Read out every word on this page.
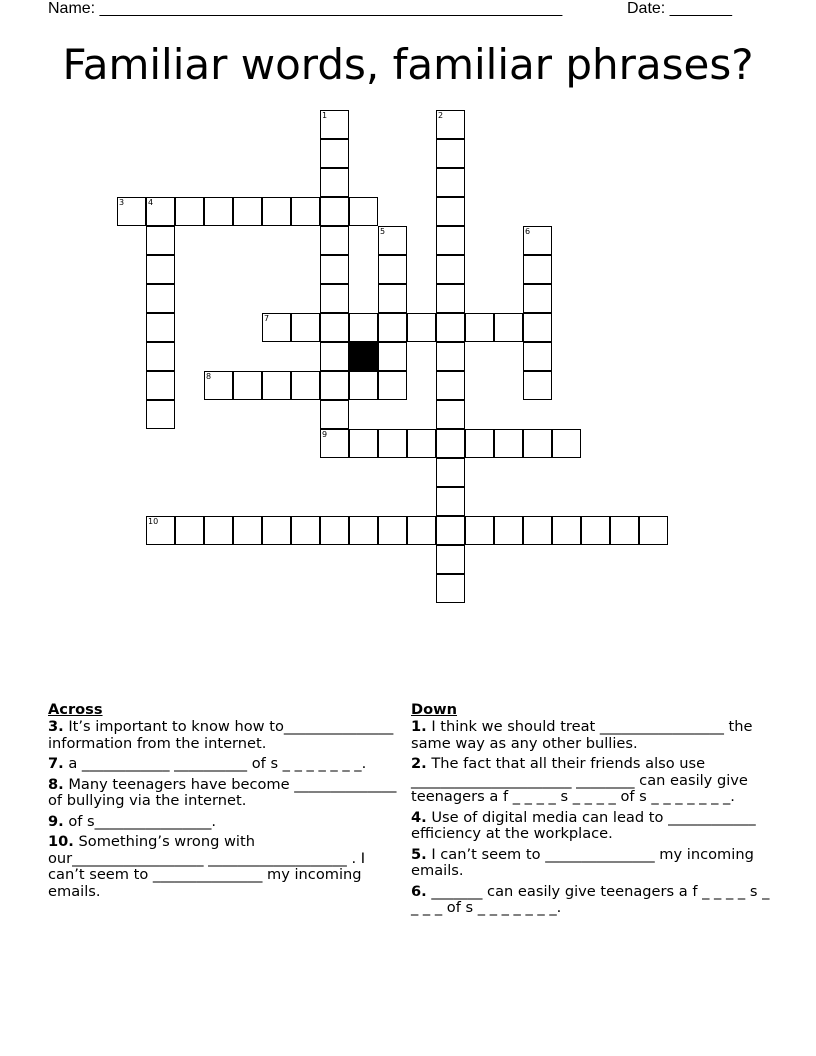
Name: ____________________________________________________	Date: _______
Familiar words, familiar phrases?
1
9
2
3	4
5	6
7
8
10
Across

3. It’s important to know how to_______________ information from the internet.

7. a ____________ __________ of s _ _ _ _ _ _ _.

8. Many teenagers have become ______________ of bullying via the internet.

9. of s________________.

10. Something’s wrong with our__________________ ___________________ . I can’t seem to _______________ my incoming emails.

Down

1. I think we should treat _________________ the same way as any other bullies.

2. The fact that all their friends also use ______________________ ________ can easily give teenagers a f _ _ _ _ s _ _ _ _ of s _ _ _ _ _ _ _.

4. Use of digital media can lead to ____________ efficiency at the workplace.

5. I can’t seem to _______________ my incoming emails.

6. _______ can easily give teenagers a f _ _ _ _ s _ _ _ _ of s _ _ _ _ _ _ _.
